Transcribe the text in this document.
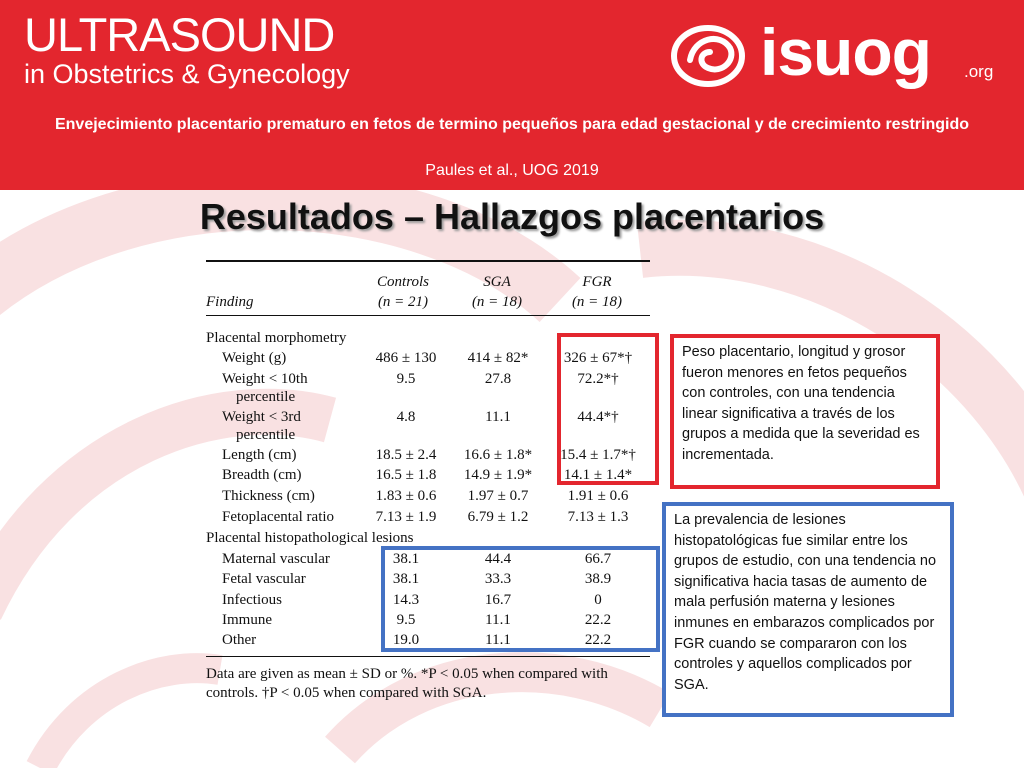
ULTRASOUND
in Obstetrics & Gynecology	isuog .org
Envejecimiento placentario prematuro en fetos de termino pequeños para edad gestacional y de crecimiento restringido
Paules et al., UOG 2019
Resultados – Hallazgos placentarios
Controls	SGA	FGR
Finding	(n = 21)	(n = 18)	(n = 18)
Placental morphometry
Weight (g)	486 ± 130	414 ± 82*	326 ± 67*†
Weight < 10th
percentile
9.5	27.8	72.2*†
Weight < 3rd
percentile
4.8	11.1	44.4*†
Length (cm)	18.5 ± 2.4	16.6 ± 1.8*	15.4 ± 1.7*†
Breadth (cm)	16.5 ± 1.8	14.9 ± 1.9*	14.1 ± 1.4*
Thickness (cm)	1.83 ± 0.6	1.97 ± 0.7	1.91 ± 0.6
Fetoplacental ratio	7.13 ± 1.9	6.79 ± 1.2	7.13 ± 1.3
Placental histopathological lesions
Maternal vascular	38.1	44.4	66.7
Fetal vascular	38.1	33.3	38.9
Infectious	14.3	16.7	0
Immune	9.5	11.1	22.2
Other	19.0	11.1	22.2
Data are given as mean ± SD or %. *P < 0.05 when compared with
controls. †P < 0.05 when compared with SGA.
Peso placentario, longitud y grosor fueron menores en fetos pequeños con controles, con una tendencia linear significativa a través de los grupos a medida que la severidad es incrementada.
La prevalencia de lesiones histopatológicas fue similar entre los grupos de estudio, con una tendencia no significativa hacia tasas de aumento de mala perfusión materna y lesiones inmunes en embarazos complicados por FGR cuando se compararon con los controles y aquellos complicados por SGA.
